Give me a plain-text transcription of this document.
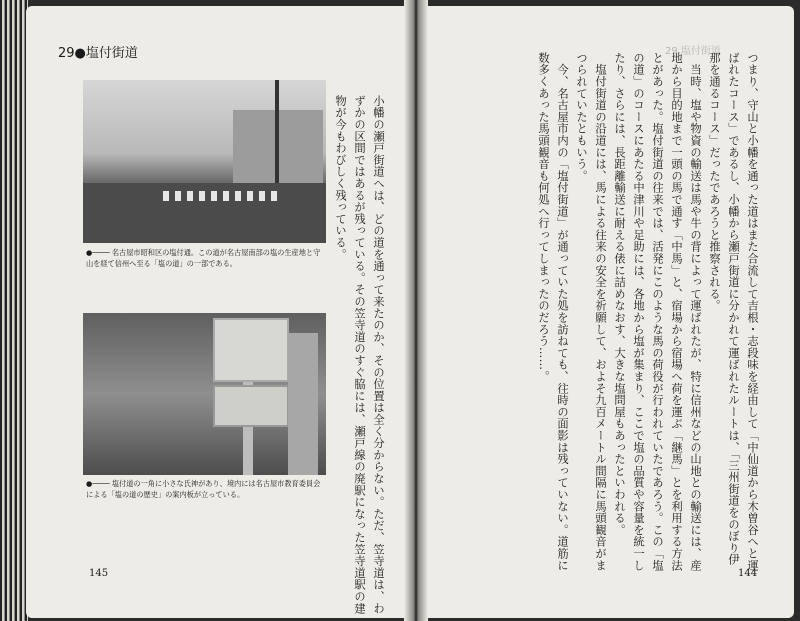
29●塩付街道	29 塩付街道
●──── 名古屋市昭和区の塩付通。この道が名古屋南部の塩の生産地と守山を経て信州へ至る「塩の道」の一部である。
●──── 塩付道の一角に小さな氏神があり、境内には名古屋市教育委員会による「塩の道の歴史」の案内板が立っている。	小幡の瀬戸街道へは、どの道を通って来たのか、その位置は全く分からない。ただ、笠寺道は、わずかの区間ではあるが残っている。その笠寺道のすぐ脇には、瀬戸線の廃駅になった笠寺道駅の建物が今もわびしく残っている。	つまり、守山と小幡を通った道はまた合流して吉根・志段味を経由して「中仙道から木曽谷へと運ばれたコース」であるし、小幡から瀬戸街道に分かれて運ばれたルートは、「三州街道をのぼり伊那を通るコース」だったであろうと推察される。
　当時、塩や物資の輸送は馬や牛の背によって運ばれたが、特に信州などの山地との輸送には、産地から目的地まで一頭の馬で通す「中馬」と、宿場から宿場へ荷を運ぶ「継馬」とを利用する方法とがあった。塩付街道の往来では、活発にこのような馬の荷役が行われていたであろう。この「塩の道」のコースにあたる中津川や足助には、各地から塩が集まり、ここで塩の品質や容量を統一したり、さらには、長距離輸送に耐える俵に詰めなおす、大きな塩問屋もあったといわれる。
　塩付街道の沿道には、馬による往来の安全を祈願して、およそ九百メートル間隔に馬頭観音がまつられていたともいう。
　今、名古屋市内の「塩付街道」が通っていた処を訪ねても、往時の面影は残っていない。道筋に数多くあった馬頭観音も何処へ行ってしまったのだろう……。
145	144
